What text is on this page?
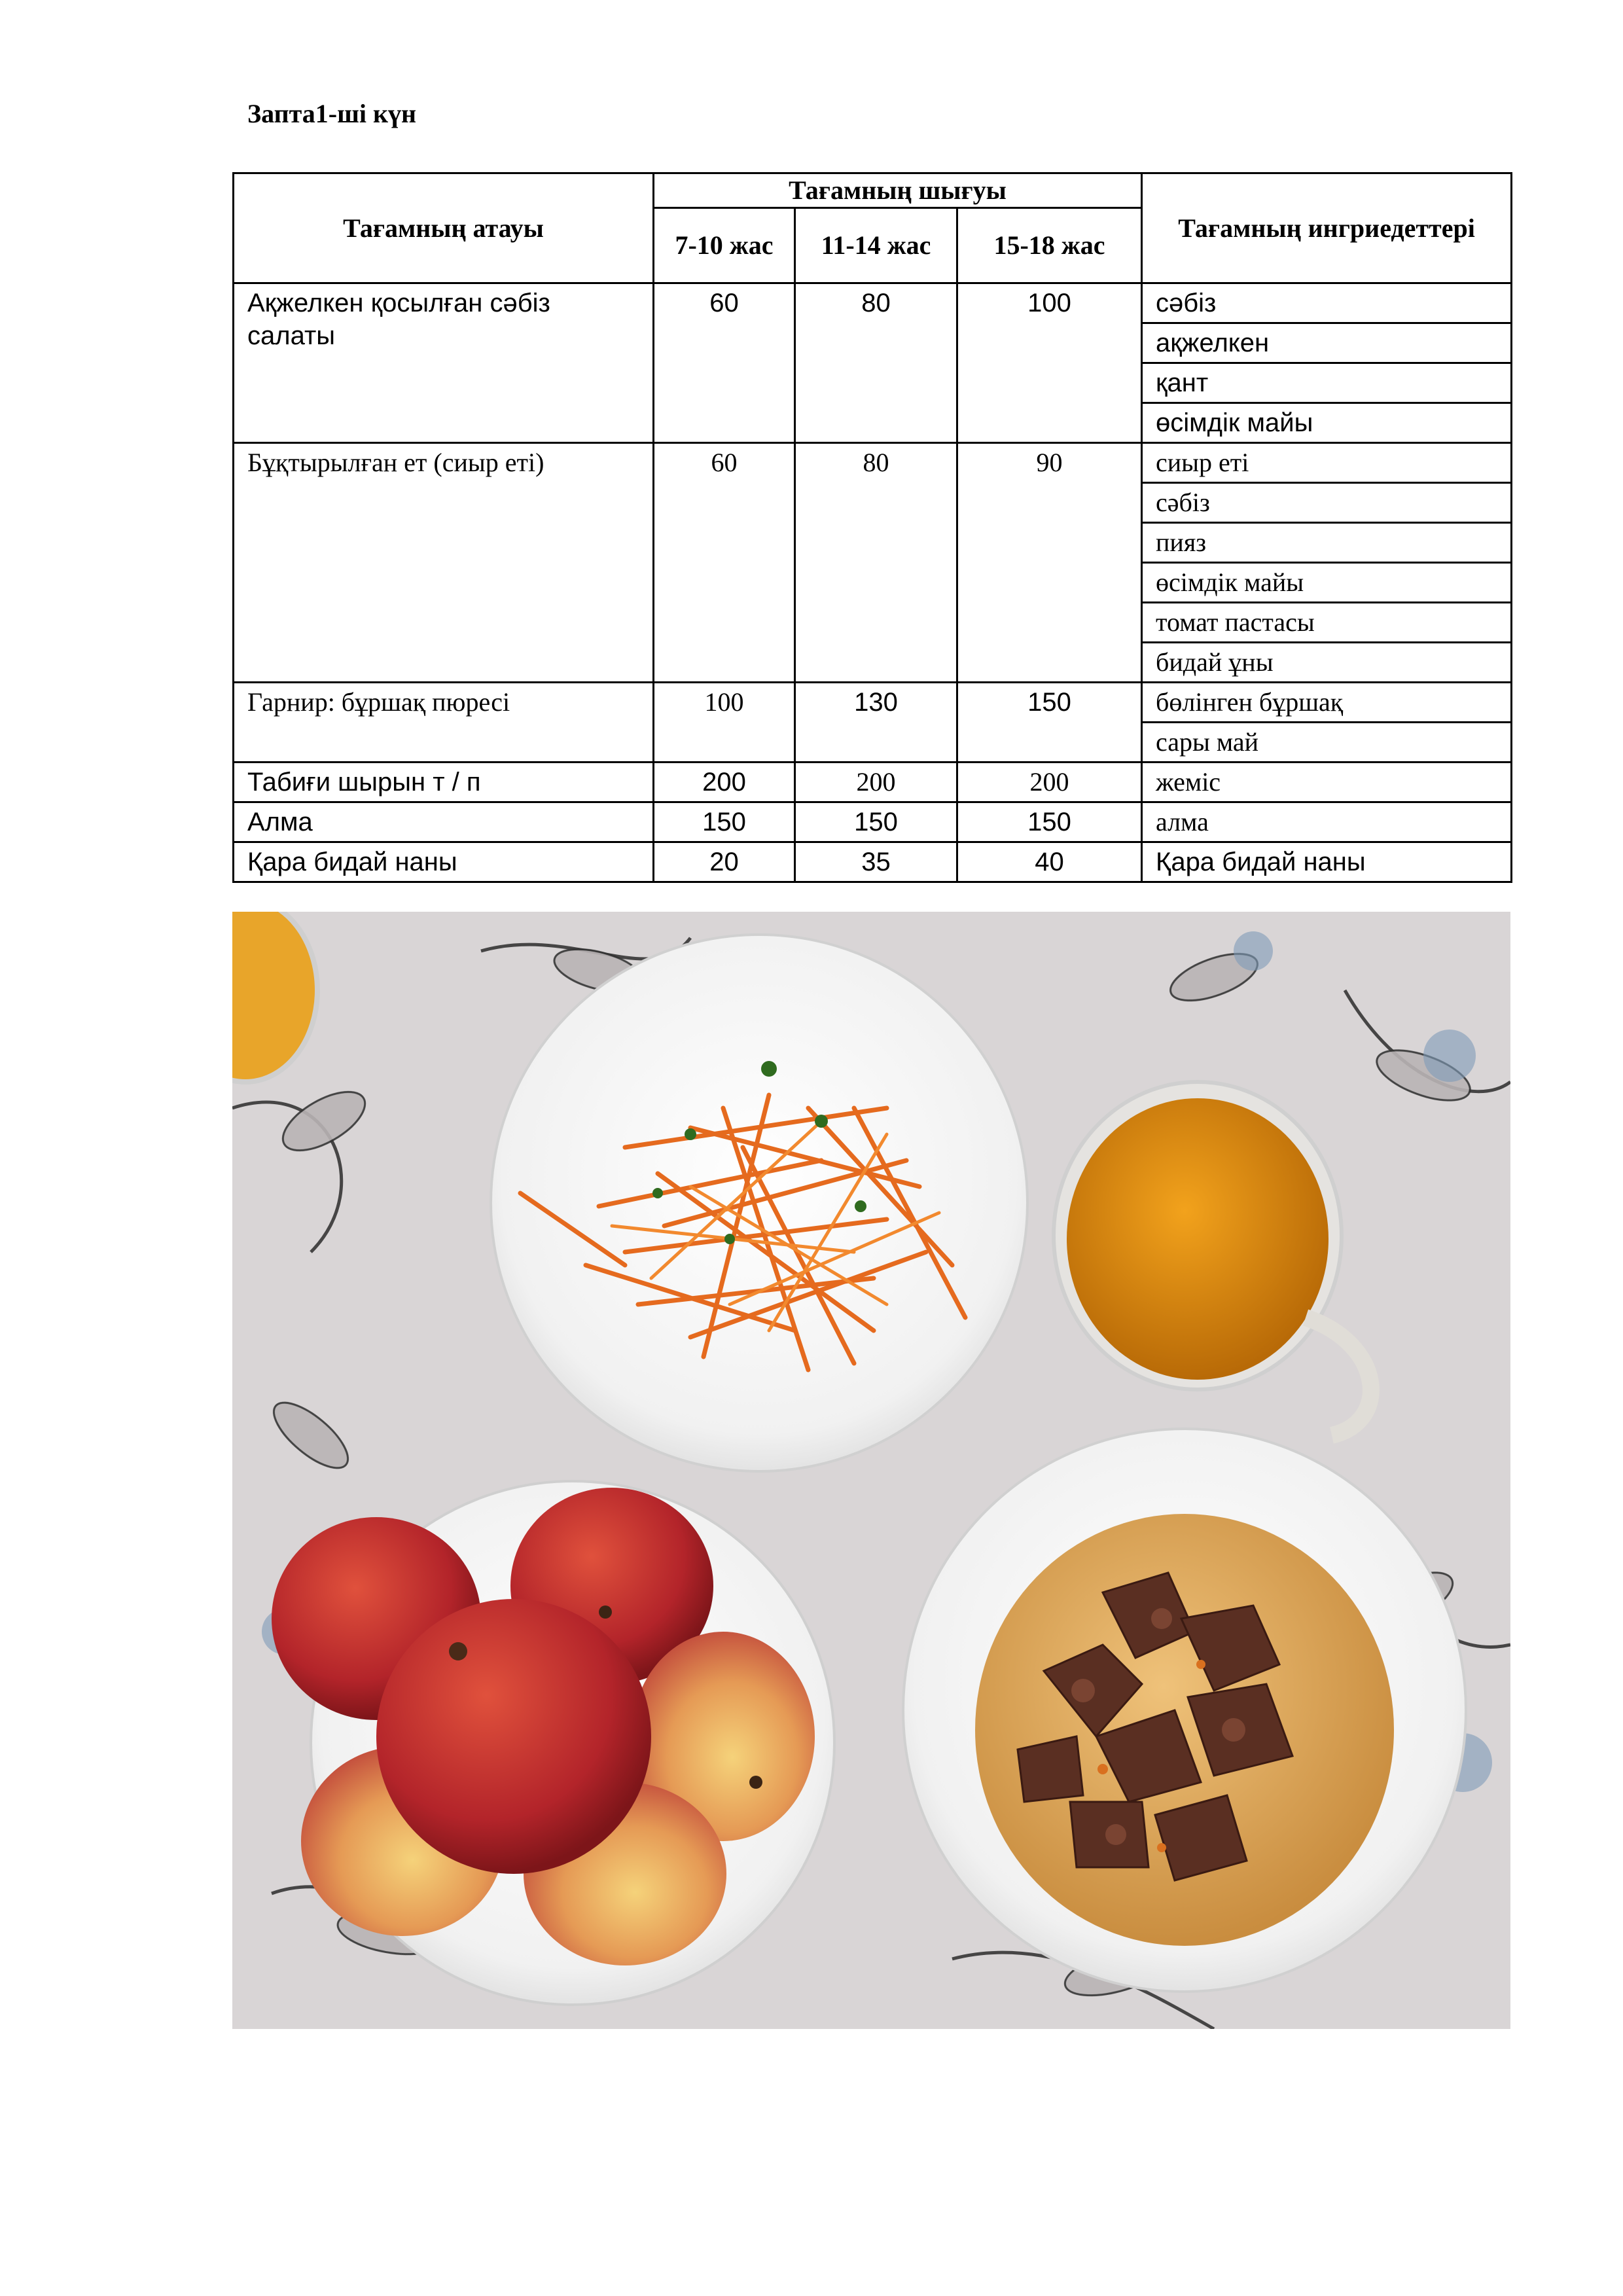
Запта1-ші күн
Тағамның атауы	Тағамның шығуы			Тағамның ингриедеттері
	7-10 жас	11-14 жас	15-18 жас	
Ақжелкен қосылған сәбіз салаты	60	80	100	сәбіз
				ақжелкен
				қант
				өсімдік майы
Бұқтырылған ет (сиыр еті)	60	80	90	сиыр еті
				сәбіз
				пияз
				өсімдік майы
				томат пастасы
				бидай ұны
Гарнир: бұршақ пюресі	100	130	150	бөлінген бұршақ
				сары май
Табиғи шырын т / п	200	200	200	жеміс
Алма	150	150	150	алма
Қара бидай наны	20	35	40	Қара бидай наны
